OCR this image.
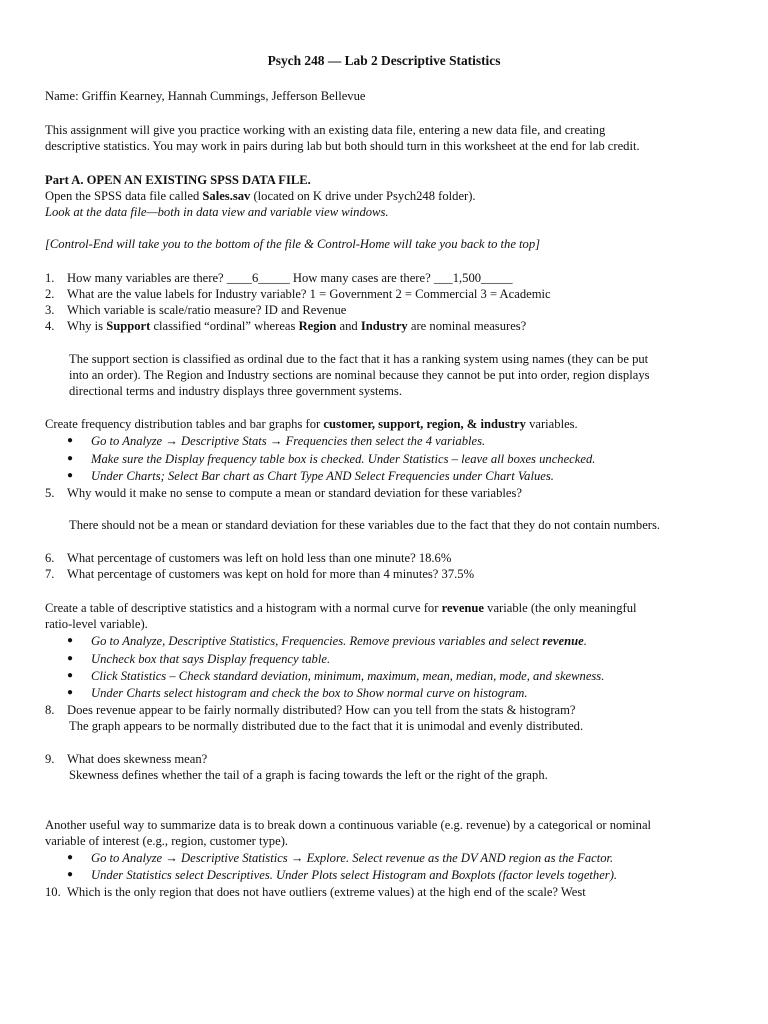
Psych 248 — Lab 2 Descriptive Statistics
Name: Griffin Kearney, Hannah Cummings, Jefferson Bellevue
This assignment will give you practice working with an existing data file, entering a new data file, and creating
descriptive statistics. You may work in pairs during lab but both should turn in this worksheet at the end for lab credit.
Part A. OPEN AN EXISTING SPSS DATA FILE.
Open the SPSS data file called Sales.sav (located on K drive under Psych248 folder).
Look at the data file—both in data view and variable view windows.
[Control-End will take you to the bottom of the file & Control-Home will take you back to the top]
1. How many variables are there? ____6_____ How many cases are there? ___1,500_____
2. What are the value labels for Industry variable? 1 = Government 2 = Commercial 3 = Academic
3. Which variable is scale/ratio measure? ID and Revenue
4. Why is Support classified “ordinal” whereas Region and Industry are nominal measures?
The support section is classified as ordinal due to the fact that it has a ranking system using names (they can be put
into an order). The Region and Industry sections are nominal because they cannot be put into order, region displays
directional terms and industry displays three government systems.
Create frequency distribution tables and bar graphs for customer, support, region, & industry variables.
● Go to Analyze → Descriptive Stats → Frequencies then select the 4 variables.
● Make sure the Display frequency table box is checked. Under Statistics – leave all boxes unchecked.
● Under Charts; Select Bar chart as Chart Type AND Select Frequencies under Chart Values.
5. Why would it make no sense to compute a mean or standard deviation for these variables?
There should not be a mean or standard deviation for these variables due to the fact that they do not contain numbers.
6. What percentage of customers was left on hold less than one minute? 18.6%
7. What percentage of customers was kept on hold for more than 4 minutes? 37.5%
Create a table of descriptive statistics and a histogram with a normal curve for revenue variable (the only meaningful
ratio-level variable).
● Go to Analyze, Descriptive Statistics, Frequencies. Remove previous variables and select revenue.
● Uncheck box that says Display frequency table.
● Click Statistics – Check standard deviation, minimum, maximum, mean, median, mode, and skewness.
● Under Charts select histogram and check the box to Show normal curve on histogram.
8. Does revenue appear to be fairly normally distributed? How can you tell from the stats & histogram?
The graph appears to be normally distributed due to the fact that it is unimodal and evenly distributed.
9. What does skewness mean?
Skewness defines whether the tail of a graph is facing towards the left or the right of the graph.
Another useful way to summarize data is to break down a continuous variable (e.g. revenue) by a categorical or nominal
variable of interest (e.g., region, customer type).
● Go to Analyze → Descriptive Statistics → Explore. Select revenue as the DV AND region as the Factor.
● Under Statistics select Descriptives. Under Plots select Histogram and Boxplots (factor levels together).
10. Which is the only region that does not have outliers (extreme values) at the high end of the scale? West
